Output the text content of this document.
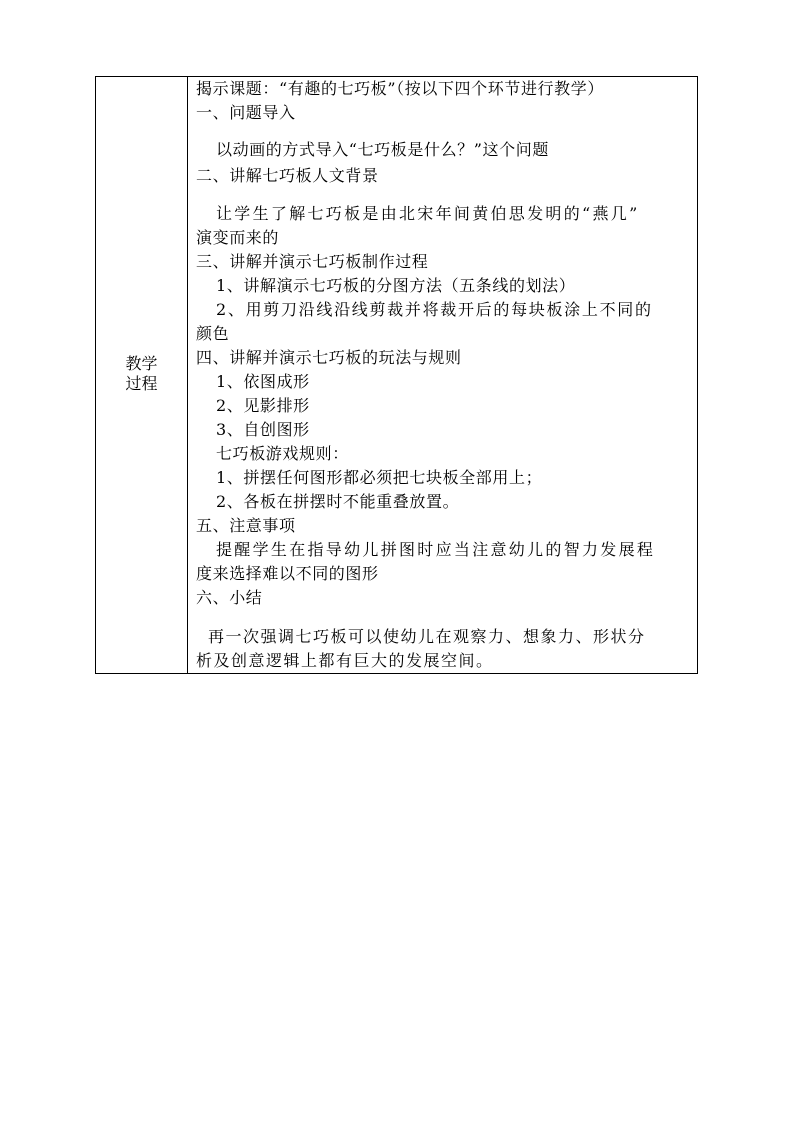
教学
过程
揭示课题：“有趣的七巧板”（按以下四个环节进行教学）
一、问题导入
以动画的方式导入“七巧板是什么？”这个问题
二、讲解七巧板人文背景
让学生了解七巧板是由北宋年间黄伯思发明的“燕几”
演变而来的
三、讲解并演示七巧板制作过程
1、讲解演示七巧板的分图方法（五条线的划法）
2、用剪刀沿线沿线剪裁并将裁开后的每块板涂上不同的
颜色
四、讲解并演示七巧板的玩法与规则
1、依图成形
2、见影排形
3、自创图形
七巧板游戏规则：
1、拼摆任何图形都必须把七块板全部用上；
2、各板在拼摆时不能重叠放置。
五、注意事项
提醒学生在指导幼儿拼图时应当注意幼儿的智力发展程
度来选择难以不同的图形
六、小结
再一次强调七巧板可以使幼儿在观察力、想象力、形状分
析及创意逻辑上都有巨大的发展空间。
